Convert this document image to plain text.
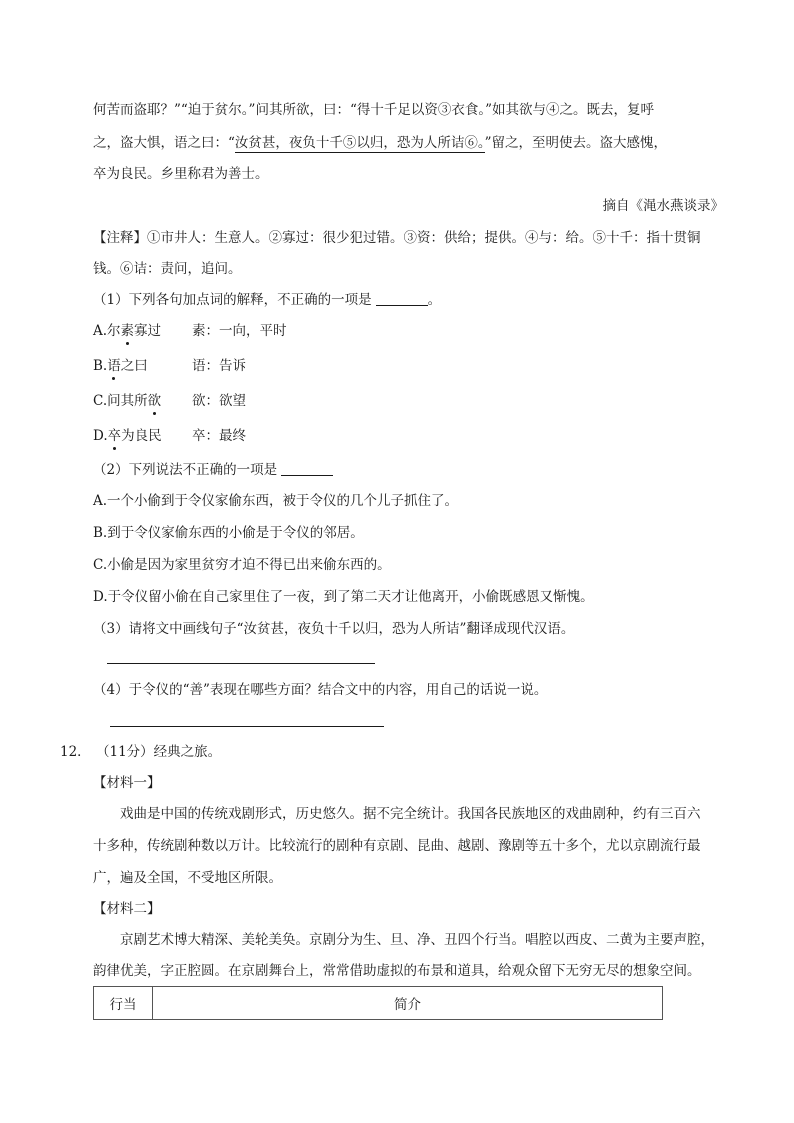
何苦而盗耶？”“迫于贫尔。”问其所欲，曰：“得十千足以资③衣食。”如其欲与④之。既去，复呼
之，盗大惧，语之曰：“汝贫甚，夜负十千⑤以归，恐为人所诘⑥。”留之，至明使去。盗大感愧，
卒为良民。乡里称君为善士。
摘自《渑水燕谈录》
【注释】①市井人：生意人。②寡过：很少犯过错。③资：供给；提供。④与：给。⑤十千：指十贯铜
钱。⑥诘：责问，追问。
（1）下列各句加点词的解释，不正确的一项是	。
A.尔素寡过 素：一向，平时
B.语之曰	语：告诉
C.问其所欲 欲：欲望
D.卒为良民 卒：最终
（2）下列说法不正确的一项是
A.一个小偷到于令仪家偷东西，被于令仪的几个儿子抓住了。
B.到于令仪家偷东西的小偷是于令仪的邻居。
C.小偷是因为家里贫穷才迫不得已出来偷东西的。
D.于令仪留小偷在自己家里住了一夜，到了第二天才让他离开，小偷既感恩又惭愧。
（3）请将文中画线句子“汝贫甚，夜负十千以归，恐为人所诘”翻译成现代汉语。
（4）于令仪的“善”表现在哪些方面？结合文中的内容，用自己的话说一说。
12． （11分）经典之旅。
【材料一】
戏曲是中国的传统戏剧形式，历史悠久。据不完全统计。我国各民族地区的戏曲剧种，约有三百六
十多种，传统剧种数以万计。比较流行的剧种有京剧、昆曲、越剧、豫剧等五十多个，尤以京剧流行最
广，遍及全国，不受地区所限。
【材料二】
京剧艺术博大精深、美轮美奂。京剧分为生、旦、净、丑四个行当。唱腔以西皮、二黄为主要声腔，
韵律优美，字正腔圆。在京剧舞台上，常常借助虚拟的布景和道具，给观众留下无穷无尽的想象空间。
行当	简介
